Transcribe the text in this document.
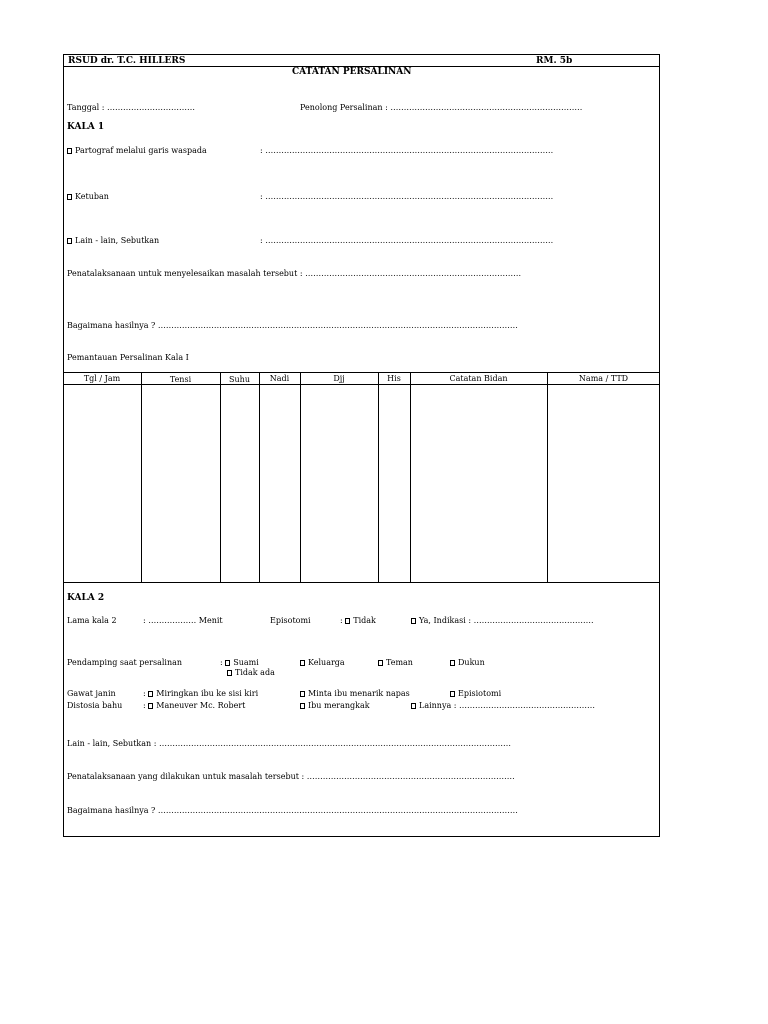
RSUD dr. T.C. HILLERS	RM. 5b
CATATAN PERSALINAN
Tanggal : ……………………………	Penolong Persalinan : ………………………………………………………………
KALA 1
Partograf melalui garis waspada	: ………………………………………………………………………………………………
Ketuban	: ………………………………………………………………………………………………
Lain - lain, Sebutkan	: ………………………………………………………………………………………………
Penatalaksanaan untuk menyelesaikan masalah tersebut : ………………………………………………………………………
Bagaimana hasilnya ? ………………………………………………………………………………………………………………………
Pemantauan Persalinan Kala I
Tgl / Jam	Tensi	Suhu	Nadi	Djj	His	Catatan Bidan	Nama / TTD
KALA 2
Lama kala 2	: ……………… Menit	Episotomi	: Tidak	Ya, Indikasi : ………………………………………
Pendamping saat persalinan	: Suami	Keluarga	Teman	Dukun
Tidak ada
Gawat janin	: Miringkan ibu ke sisi kiri	Minta ibu menarik napas	Episiotomi
Distosia bahu	: Maneuver Mc. Robert	Ibu merangkak	Lainnya : ……………………………………………
Lain - lain, Sebutkan : ……………………………………………………………………………………………………………………
Penatalaksanaan yang dilakukan untuk masalah tersebut : ……………………………………………………………………
Bagaimana hasilnya ? ………………………………………………………………………………………………………………………
